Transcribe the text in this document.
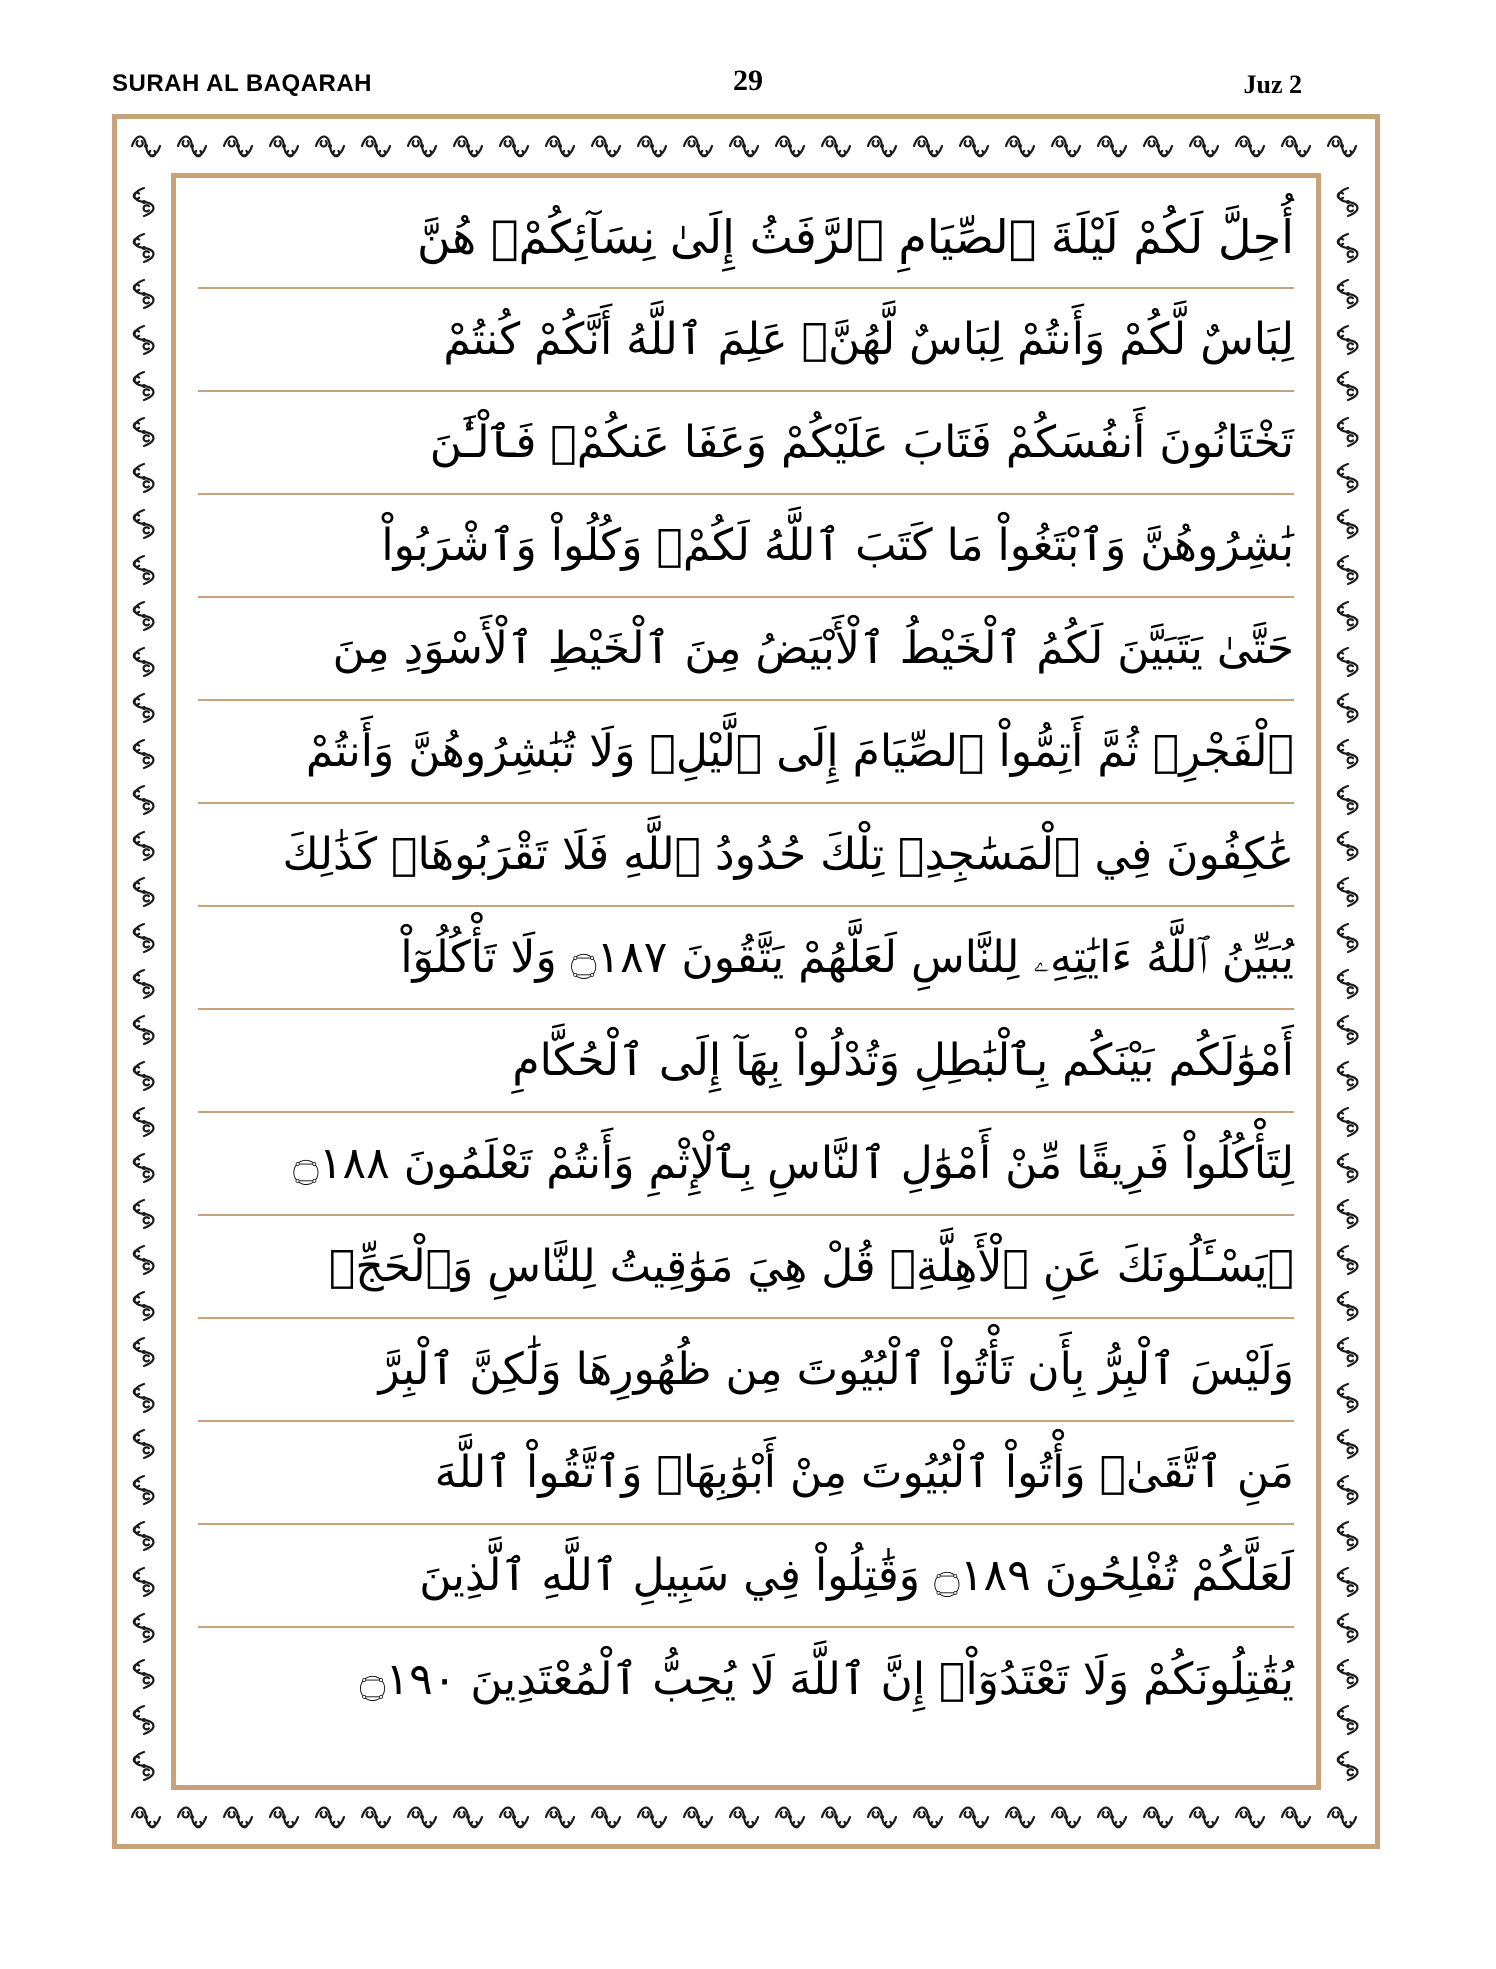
SURAH AL BAQARAH	29	Juz 2
أُحِلَّ لَكُمْ لَيْلَةَ ٱلصِّيَامِ ٱلرَّفَثُ إِلَىٰ نِسَآئِكُمْۚ هُنَّ
لِبَاسٌ لَّكُمْ وَأَنتُمْ لِبَاسٌ لَّهُنَّۗ عَلِمَ ٱللَّهُ أَنَّكُمْ كُنتُمْ
تَخْتَانُونَ أَنفُسَكُمْ فَتَابَ عَلَيْكُمْ وَعَفَا عَنكُمْۖ فَٱلْـَٰٔنَ
بَٰشِرُوهُنَّ وَٱبْتَغُواْ مَا كَتَبَ ٱللَّهُ لَكُمْۚ وَكُلُواْ وَٱشْرَبُواْ
حَتَّىٰ يَتَبَيَّنَ لَكُمُ ٱلْخَيْطُ ٱلْأَبْيَضُ مِنَ ٱلْخَيْطِ ٱلْأَسْوَدِ مِنَ
ٱلْفَجْرِۖ ثُمَّ أَتِمُّواْ ٱلصِّيَامَ إِلَى ٱلَّيْلِۚ وَلَا تُبَٰشِرُوهُنَّ وَأَنتُمْ
عَٰكِفُونَ فِي ٱلْمَسَٰجِدِۗ تِلْكَ حُدُودُ ٱللَّهِ فَلَا تَقْرَبُوهَاۗ كَذَٰلِكَ
يُبَيِّنُ ٱللَّهُ ءَايَٰتِهِۦ لِلنَّاسِ لَعَلَّهُمْ يَتَّقُونَ ۝١٨٧ وَلَا تَأْكُلُوٓاْ
أَمْوَٰلَكُم بَيْنَكُم بِٱلْبَٰطِلِ وَتُدْلُواْ بِهَآ إِلَى ٱلْحُكَّامِ
لِتَأْكُلُواْ فَرِيقًا مِّنْ أَمْوَٰلِ ٱلنَّاسِ بِٱلْإِثْمِ وَأَنتُمْ تَعْلَمُونَ ۝١٨٨
۞يَسْـَٔلُونَكَ عَنِ ٱلْأَهِلَّةِۖ قُلْ هِيَ مَوَٰقِيتُ لِلنَّاسِ وَٱلْحَجِّۗ
وَلَيْسَ ٱلْبِرُّ بِأَن تَأْتُواْ ٱلْبُيُوتَ مِن ظُهُورِهَا وَلَٰكِنَّ ٱلْبِرَّ
مَنِ ٱتَّقَىٰۗ وَأْتُواْ ٱلْبُيُوتَ مِنْ أَبْوَٰبِهَاۚ وَٱتَّقُواْ ٱللَّهَ
لَعَلَّكُمْ تُفْلِحُونَ ۝١٨٩ وَقَٰتِلُواْ فِي سَبِيلِ ٱللَّهِ ٱلَّذِينَ
يُقَٰتِلُونَكُمْ وَلَا تَعْتَدُوٓاْۚ إِنَّ ٱللَّهَ لَا يُحِبُّ ٱلْمُعْتَدِينَ ۝١٩٠
